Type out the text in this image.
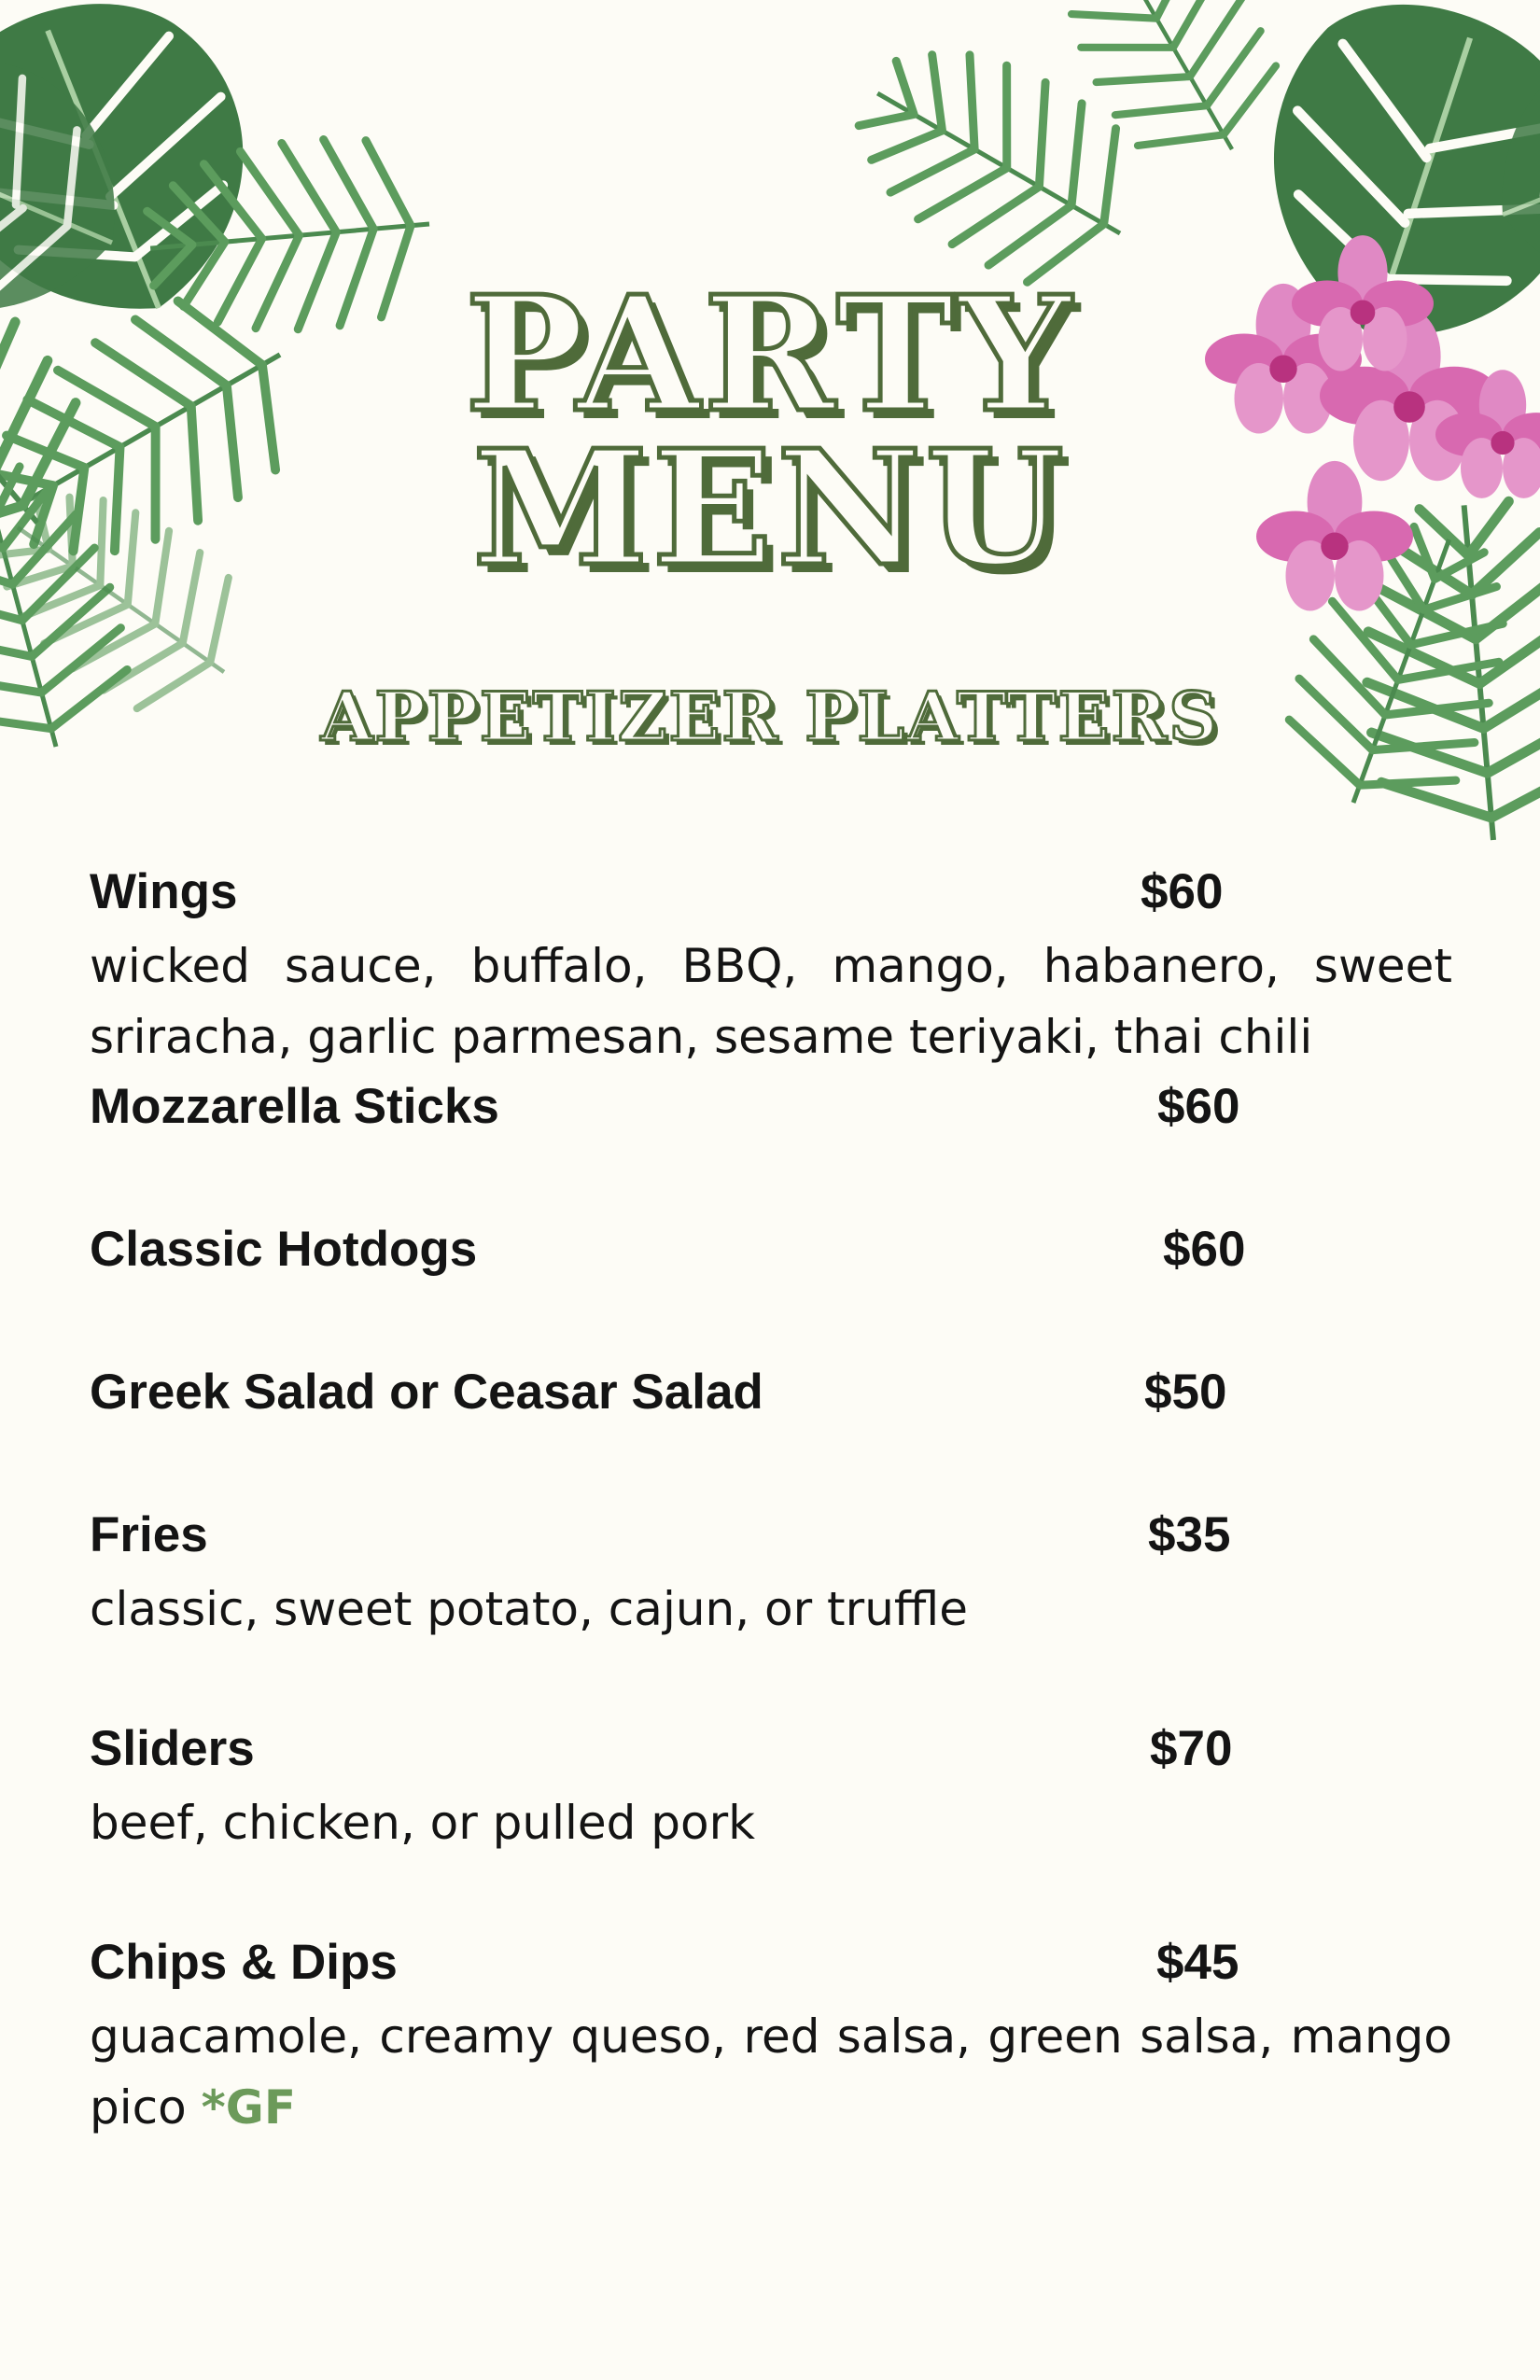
PARTY
MENU
APPETIZER PLATTERS
Wings	$60
wicked sauce, buffalo, BBQ, mango, habanero, sweet sriracha, garlic parmesan, sesame teriyaki, thai chili
Mozzarella Sticks	$60
Classic Hotdogs	$60
Greek Salad or Ceasar Salad	$50
Fries	$35
classic, sweet potato, cajun, or truffle
Sliders	$70
beef, chicken, or pulled pork
Chips & Dips	$45
guacamole, creamy queso, red salsa, green salsa, mango pico *GF
